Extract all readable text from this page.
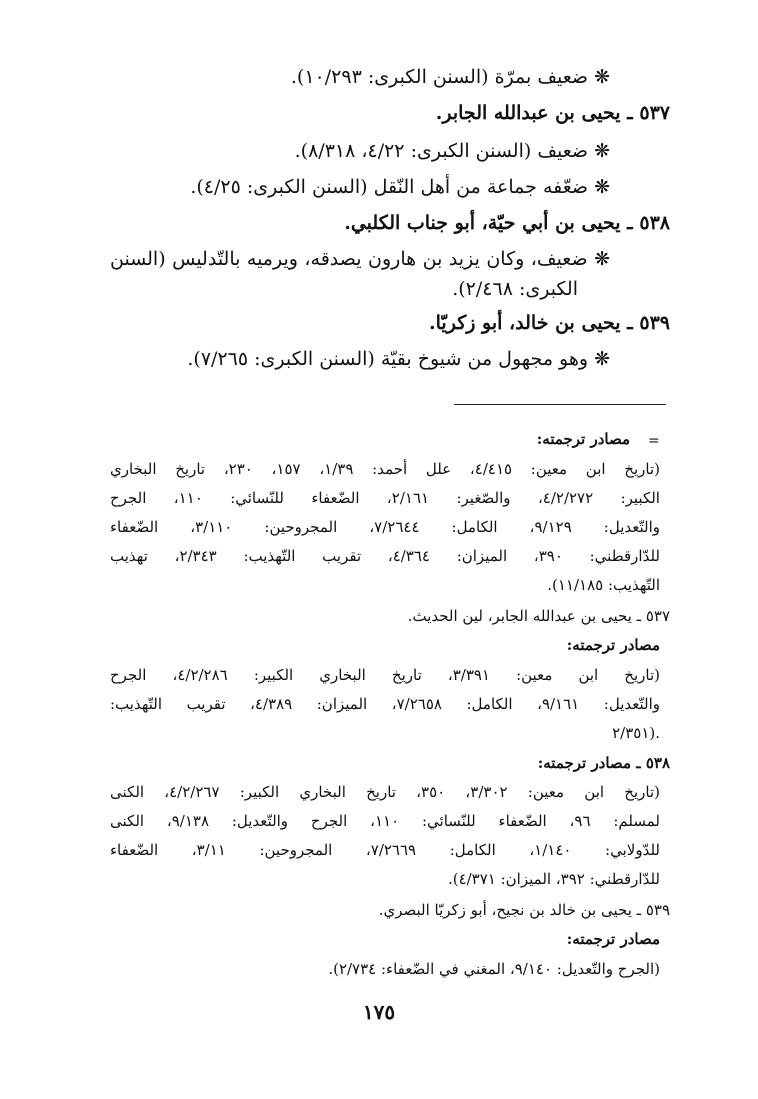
❋ ضعيف بمرّة (السنن الكبرى: ١٠/٢٩٣).
٥٣٧ ـ يحيى بن عبدالله الجابر.
❋ ضعيف (السنن الكبرى: ٤/٢٢، ٨/٣١٨).
❋ ضعّفه جماعة من أهل النّقل (السنن الكبرى: ٤/٢٥).
٥٣٨ ـ يحيى بن أبي حيّة، أبو جناب الكلبي.
❋ ضعيف، وكان يزيد بن هارون يصدقه، ويرميه بالتّدليس (السنن
الكبرى: ٢/٤٦٨).
٥٣٩ ـ يحيى بن خالد، أبو زكريّا.
❋ وهو مجهول من شيوخ بقيّة (السنن الكبرى: ٧/٢٦٥).
=
مصادر ترجمته:
(تاريخ ابن معين: ٤/٤١٥، علل أحمد: ١/٣٩، ١٥٧، ٢٣٠، تاريخ البخاري
الكبير: ٤/٢/٢٧٢، والصّغير: ٢/١٦١، الضّعفاء للنّسائي: ١١٠، الجرح
والتّعديل: ٩/١٢٩، الكامل: ٧/٢٦٤٤، المجروحين: ٣/١١٠، الضّعفاء
للدّارقطني: ٣٩٠، الميزان: ٤/٣٦٤، تقريب التّهذيب: ٢/٣٤٣، تهذيب
التّهذيب: ١١/١٨٥).
٥٣٧ ـ يحيى بن عبدالله الجابر، لين الحديث.
مصادر ترجمته:
(تاريخ ابن معين: ٣/٣٩١، تاريخ البخاري الكبير: ٤/٢/٢٨٦، الجرح
والتّعديل: ٩/١٦١، الكامل: ٧/٢٦٥٨، الميزان: ٤/٣٨٩، تقريب التّهذيب:
٢/٣٥١).
٥٣٨ ـ مصادر ترجمته:
(تاريخ ابن معين: ٣/٣٠٢، ٣٥٠، تاريخ البخاري الكبير: ٤/٢/٢٦٧، الكنى
لمسلم: ٩٦، الضّعفاء للنّسائي: ١١٠، الجرح والتّعديل: ٩/١٣٨، الكنى
للدّولابي: ١/١٤٠، الكامل: ٧/٢٦٦٩، المجروحين: ٣/١١، الضّعفاء
للدّارقطني: ٣٩٢، الميزان: ٤/٣٧١).
٥٣٩ ـ يحيى بن خالد بن نجيح، أبو زكريّا البصري.
مصادر ترجمته:
(الجرح والتّعديل: ٩/١٤٠، المغني في الضّعفاء: ٢/٧٣٤).
١٧٥
